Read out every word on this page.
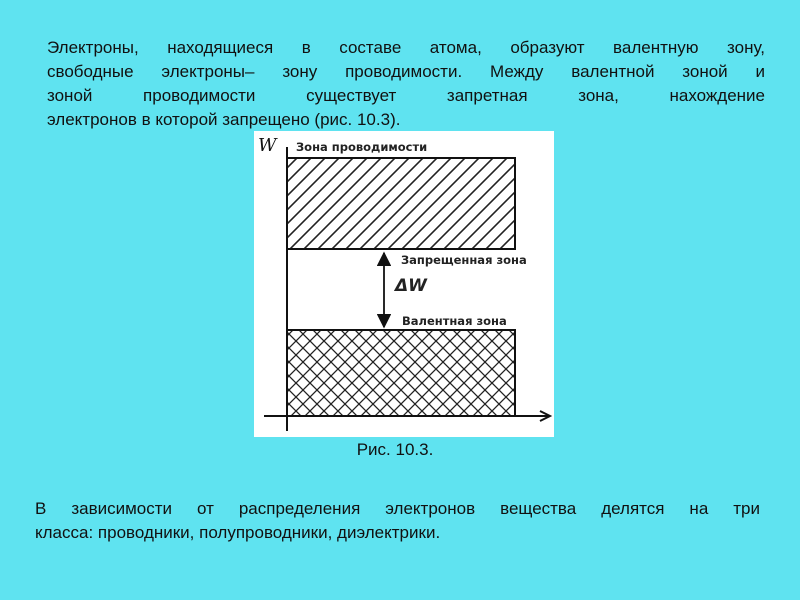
Электроны, находящиеся в составе атома, образуют валентную зону,
свободные электроны– зону проводимости. Между валентной зоной и
зоной проводимости существует запретная зона, нахождение
электронов в которой запрещено (рис. 10.3).

W Зона проводимости
Запрещенная зона
ΔW
Валентная зона
Рис. 10.3.

В зависимости от распределения электронов вещества делятся на три
класса: проводники, полупроводники, диэлектрики.
